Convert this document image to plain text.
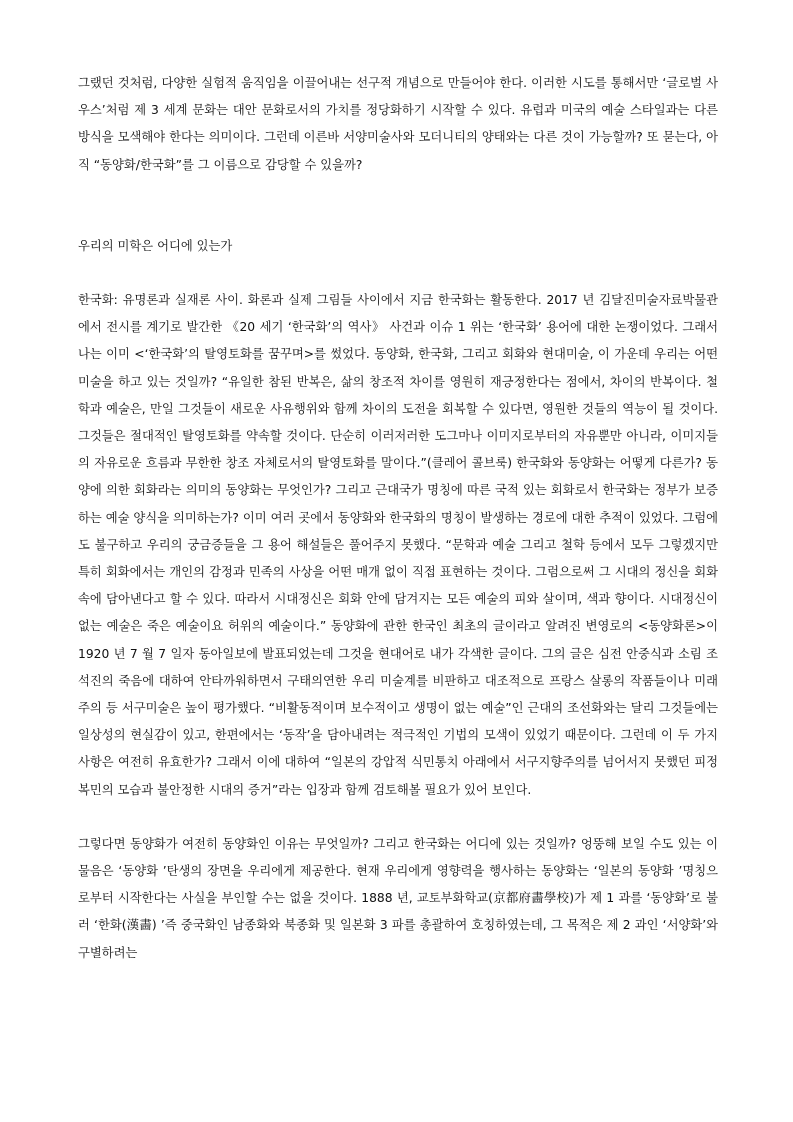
그랬던 것처럼, 다양한 실험적 움직임을 이끌어내는 선구적 개념으로 만들어야 한다. 이러한 시도를 통해서만 ‘글로벌 사우스’처럼 제 3 세계 문화는 대안 문화로서의 가치를 정당화하기 시작할 수 있다. 유럽과 미국의 예술 스타일과는 다른 방식을 모색해야 한다는 의미이다. 그런데 이른바 서양미술사와 모더니티의 양태와는 다른 것이 가능할까? 또 묻는다, 아직 “동양화/한국화”를 그 이름으로 감당할 수 있을까?

우리의 미학은 어디에 있는가

한국화: 유명론과 실재론 사이. 화론과 실제 그림들 사이에서 지금 한국화는 활동한다. 2017 년 김달진미술자료박물관에서 전시를 계기로 발간한 《20 세기 ‘한국화’의 역사》 사건과 이슈 1 위는 ‘한국화’ 용어에 대한 논쟁이었다. 그래서 나는 이미 <‘한국화’의 탈영토화를 꿈꾸며>를 썼었다. 동양화, 한국화, 그리고 회화와 현대미술, 이 가운데 우리는 어떤 미술을 하고 있는 것일까? “유일한 참된 반복은, 삶의 창조적 차이를 영원히 재긍정한다는 점에서, 차이의 반복이다. 철학과 예술은, 만일 그것들이 새로운 사유행위와 함께 차이의 도전을 회복할 수 있다면, 영원한 것들의 역능이 될 것이다. 그것들은 절대적인 탈영토화를 약속할 것이다. 단순히 이러저러한 도그마나 이미지로부터의 자유뿐만 아니라, 이미지들의 자유로운 흐름과 무한한 창조 자체로서의 탈영토화를 말이다.”(클레어 콜브룩) 한국화와 동양화는 어떻게 다른가? 동양에 의한 회화라는 의미의 동양화는 무엇인가? 그리고 근대국가 명칭에 따른 국적 있는 회화로서 한국화는 정부가 보증하는 예술 양식을 의미하는가? 이미 여러 곳에서 동양화와 한국화의 명칭이 발생하는 경로에 대한 추적이 있었다. 그럼에도 불구하고 우리의 궁금증들을 그 용어 해설들은 풀어주지 못했다. “문학과 예술 그리고 철학 등에서 모두 그렇겠지만 특히 회화에서는 개인의 감정과 민족의 사상을 어떤 매개 없이 직접 표현하는 것이다. 그럼으로써 그 시대의 정신을 회화 속에 담아낸다고 할 수 있다. 따라서 시대정신은 회화 안에 담겨지는 모든 예술의 피와 살이며, 색과 향이다. 시대정신이 없는 예술은 죽은 예술이요 허위의 예술이다.” 동양화에 관한 한국인 최초의 글이라고 알려진 변영로의 <동양화론>이 1920 년 7 월 7 일자 동아일보에 발표되었는데 그것을 현대어로 내가 각색한 글이다. 그의 글은 심전 안중식과 소림 조석진의 죽음에 대하여 안타까워하면서 구태의연한 우리 미술계를 비판하고 대조적으로 프랑스 살롱의 작품들이나 미래주의 등 서구미술은 높이 평가했다. “비활동적이며 보수적이고 생명이 없는 예술”인 근대의 조선화와는 달리 그것들에는 일상성의 현실감이 있고, 한편에서는 ‘동작’을 담아내려는 적극적인 기법의 모색이 있었기 때문이다. 그런데 이 두 가지 사항은 여전히 유효한가? 그래서 이에 대하여 “일본의 강압적 식민통치 아래에서 서구지향주의를 넘어서지 못했던 피정복민의 모습과 불안정한 시대의 증거”라는 입장과 함께 검토해볼 필요가 있어 보인다.

그렇다면 동양화가 여전히 동양화인 이유는 무엇일까? 그리고 한국화는 어디에 있는 것일까? 엉뚱해 보일 수도 있는 이 물음은 ‘동양화 ’탄생의 장면을 우리에게 제공한다. 현재 우리에게 영향력을 행사하는 동양화는 ‘일본의 동양화 ’명칭으로부터 시작한다는 사실을 부인할 수는 없을 것이다. 1888 년, 교토부화학교(京都府畵學校)가 제 1 과를 ‘동양화’로 불러 ‘한화(漢畵) ’즉 중국화인 남종화와 북종화 및 일본화 3 파를 총괄하여 호칭하였는데, 그 목적은 제 2 과인 ‘서양화’와 구별하려는
